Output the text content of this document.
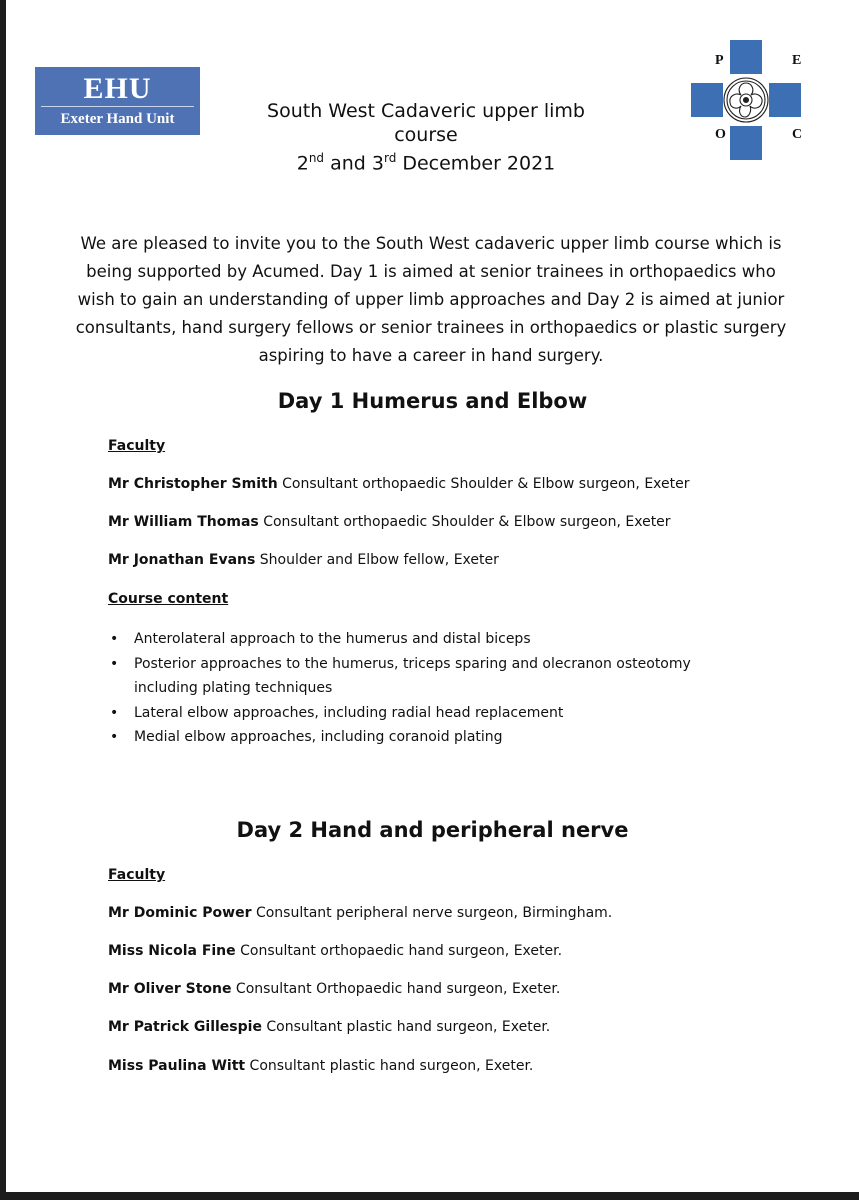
EHU
Exeter Hand Unit	South West Cadaveric upper limb course
2nd and 3rd December 2021
P	E
O	C
We are pleased to invite you to the South West cadaveric upper limb course which is being supported by Acumed. Day 1 is aimed at senior trainees in orthopaedics who wish to gain an understanding of upper limb approaches and Day 2 is aimed at junior consultants, hand surgery fellows or senior trainees in orthopaedics or plastic surgery aspiring to have a career in hand surgery.
Day 1 Humerus and Elbow
Faculty
Mr Christopher Smith Consultant orthopaedic Shoulder & Elbow surgeon, Exeter
Mr William Thomas Consultant orthopaedic Shoulder & Elbow surgeon, Exeter
Mr Jonathan Evans Shoulder and Elbow fellow, Exeter
Course content
• Anterolateral approach to the humerus and distal biceps
• Posterior approaches to the humerus, triceps sparing and olecranon osteotomy including plating techniques
• Lateral elbow approaches, including radial head replacement
• Medial elbow approaches, including coranoid plating
Day 2 Hand and peripheral nerve
Faculty
Mr Dominic Power Consultant peripheral nerve surgeon, Birmingham.
Miss Nicola Fine Consultant orthopaedic hand surgeon, Exeter.
Mr Oliver Stone Consultant Orthopaedic hand surgeon, Exeter.
Mr Patrick Gillespie Consultant plastic hand surgeon, Exeter.
Miss Paulina Witt Consultant plastic hand surgeon, Exeter.
